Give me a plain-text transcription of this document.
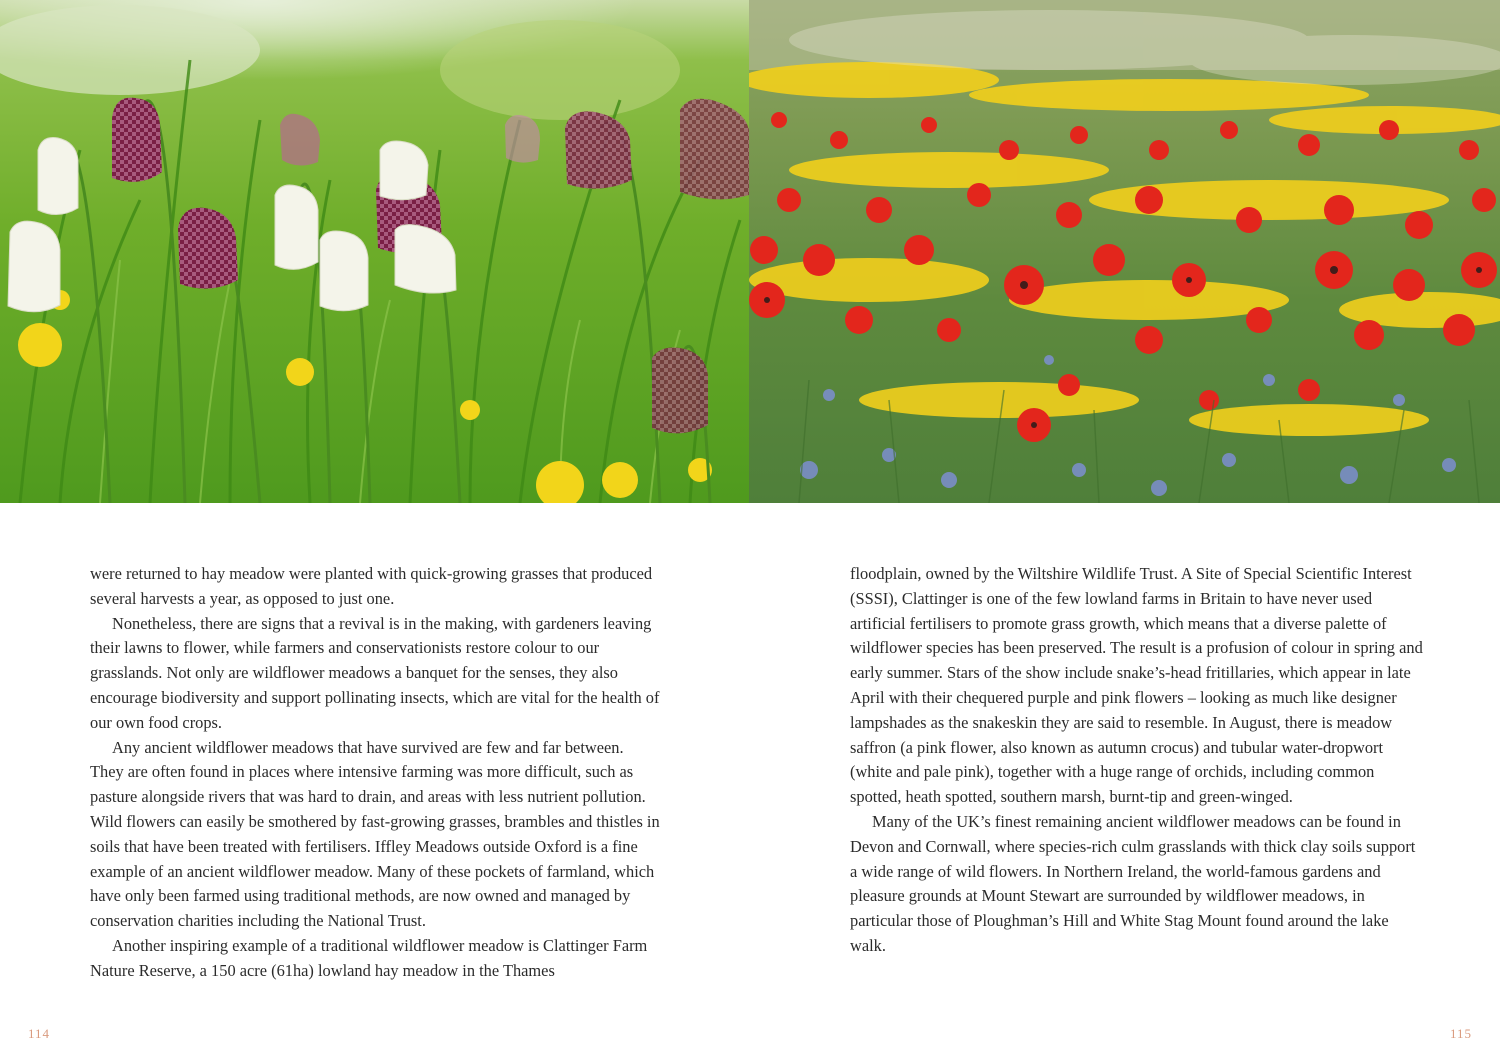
were returned to hay meadow were planted with quick-growing grasses that produced several harvests a year, as opposed to just one.

Nonetheless, there are signs that a revival is in the making, with gardeners leaving their lawns to flower, while farmers and conservationists restore colour to our grasslands. Not only are wildflower meadows a banquet for the senses, they also encourage biodiversity and support pollinating insects, which are vital for the health of our own food crops.

Any ancient wildflower meadows that have survived are few and far between. They are often found in places where intensive farming was more difficult, such as pasture alongside rivers that was hard to drain, and areas with less nutrient pollution. Wild flowers can easily be smothered by fast-growing grasses, brambles and thistles in soils that have been treated with fertilisers. Iffley Meadows outside Oxford is a fine example of an ancient wildflower meadow. Many of these pockets of farmland, which have only been farmed using traditional methods, are now owned and managed by conservation charities including the National Trust.

Another inspiring example of a traditional wildflower meadow is Clattinger Farm Nature Reserve, a 150 acre (61ha) lowland hay meadow in the Thames

floodplain, owned by the Wiltshire Wildlife Trust. A Site of Special Scientific Interest (SSSI), Clattinger is one of the few lowland farms in Britain to have never used artificial fertilisers to promote grass growth, which means that a diverse palette of wildflower species has been preserved. The result is a profusion of colour in spring and early summer. Stars of the show include snake’s-head fritillaries, which appear in late April with their chequered purple and pink flowers – looking as much like designer lampshades as the snakeskin they are said to resemble. In August, there is meadow saffron (a pink flower, also known as autumn crocus) and tubular water-dropwort (white and pale pink), together with a huge range of orchids, including common spotted, heath spotted, southern marsh, burnt-tip and green-winged.

Many of the UK’s finest remaining ancient wildflower meadows can be found in Devon and Cornwall, where species-rich culm grasslands with thick clay soils support a wide range of wild flowers. In Northern Ireland, the world-famous gardens and pleasure grounds at Mount Stewart are surrounded by wildflower meadows, in particular those of Ploughman’s Hill and White Stag Mount found around the lake walk.

114	115
